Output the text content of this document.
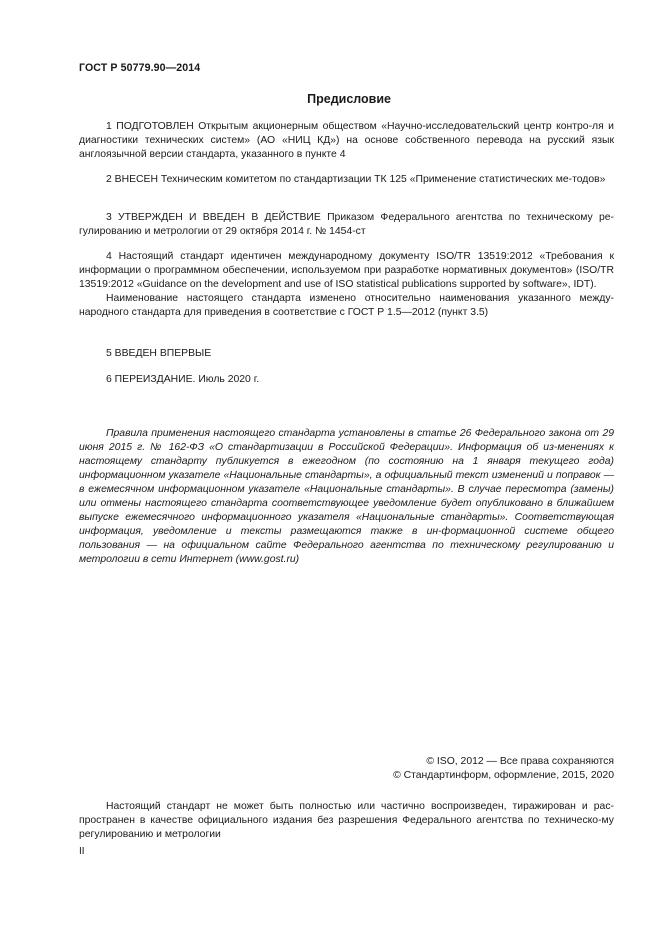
ГОСТ Р 50779.90—2014
Предисловие

1 ПОДГОТОВЛЕН Открытым акционерным обществом «Научно-исследовательский центр контро-ля и диагностики технических систем» (АО «НИЦ КД») на основе собственного перевода на русский язык англоязычной версии стандарта, указанного в пункте 4

2 ВНЕСЕН Техническим комитетом по стандартизации ТК 125 «Применение статистических ме-тодов»

3 УТВЕРЖДЕН И ВВЕДЕН В ДЕЙСТВИЕ Приказом Федерального агентства по техническому ре-гулированию и метрологии от 29 октября 2014 г. № 1454-ст

4 Настоящий стандарт идентичен международному документу ISO/TR 13519:2012 «Требования к информации о программном обеспечении, используемом при разработке нормативных документов» (ISO/TR 13519:2012 «Guidance on the development and use of ISO statistical publications supported by software», IDT).

Наименование настоящего стандарта изменено относительно наименования указанного между-народного стандарта для приведения в соответствие с ГОСТ Р 1.5—2012 (пункт 3.5)

5 ВВЕДЕН ВПЕРВЫЕ

6 ПЕРЕИЗДАНИЕ. Июль 2020 г.

Правила применения настоящего стандарта установлены в статье 26 Федерального закона от 29 июня 2015 г. № 162-ФЗ «О стандартизации в Российской Федерации». Информация об из-менениях к настоящему стандарту публикуется в ежегодном (по состоянию на 1 января текущего года) информационном указателе «Национальные стандарты», а официальный текст изменений и поправок — в ежемесячном информационном указателе «Национальные стандарты». В случае пересмотра (замены) или отмены настоящего стандарта соответствующее уведомление будет опубликовано в ближайшем выпуске ежемесячного информационного указателя «Национальные стандарты». Соответствующая информация, уведомление и тексты размещаются также в ин-формационной системе общего пользования — на официальном сайте Федерального агентства по техническому регулированию и метрологии в сети Интернет (www.gost.ru)

© ISO, 2012 — Все права сохраняются
© Стандартинформ, оформление, 2015, 2020

Настоящий стандарт не может быть полностью или частично воспроизведен, тиражирован и рас-пространен в качестве официального издания без разрешения Федерального агентства по техническо-му регулированию и метрологии

II
